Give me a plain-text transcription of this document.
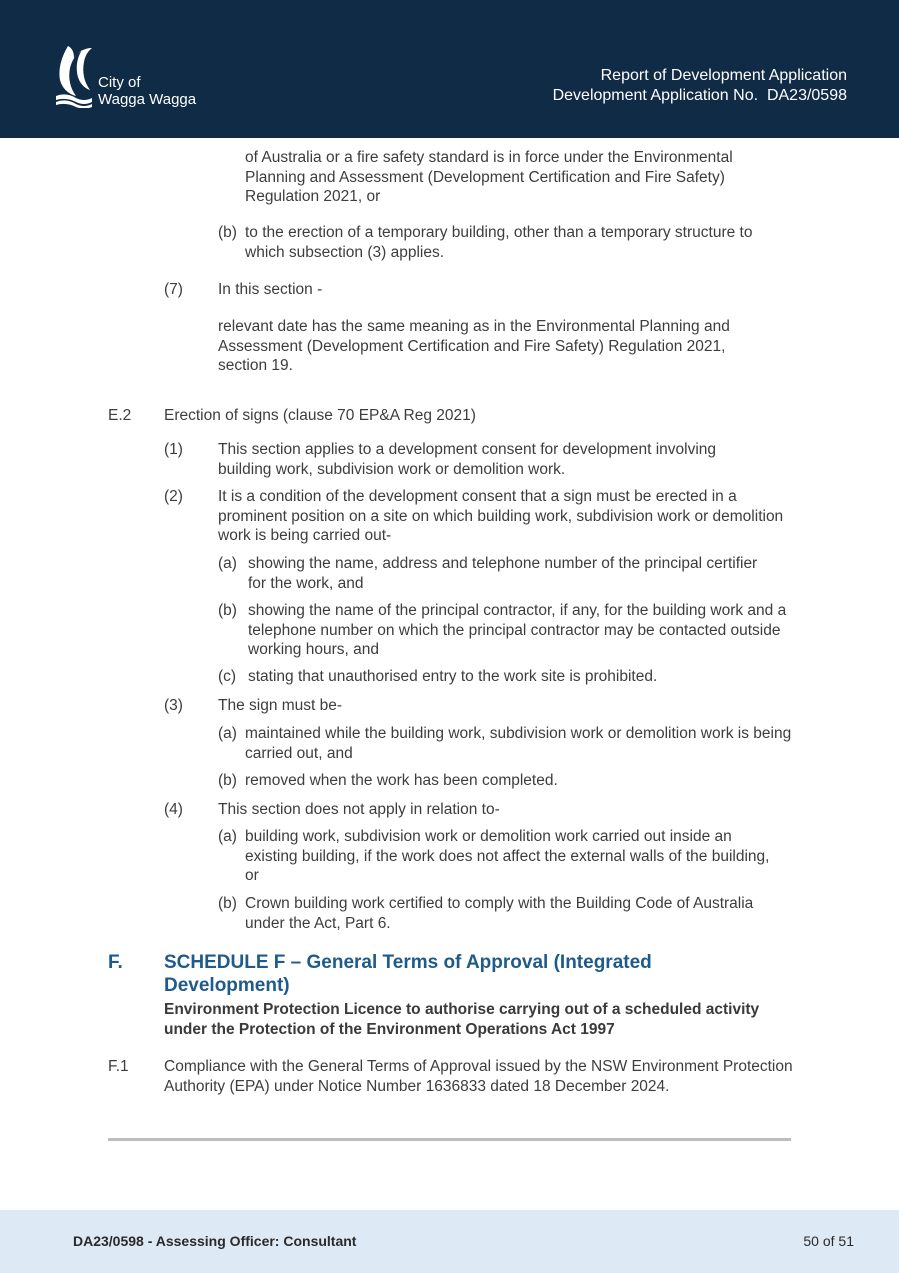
City of
Wagga Wagga
Report of Development Application
Development Application No.  DA23/0598
of Australia or a fire safety standard is in force under the Environmental Planning and Assessment (Development Certification and Fire Safety) Regulation 2021, or
(b) to the erection of a temporary building, other than a temporary structure to which subsection (3) applies.
(7) In this section -
relevant date has the same meaning as in the Environmental Planning and Assessment (Development Certification and Fire Safety) Regulation 2021, section 19.
E.2 Erection of signs (clause 70 EP&A Reg 2021)
(1) This section applies to a development consent for development involving building work, subdivision work or demolition work.
(2) It is a condition of the development consent that a sign must be erected in a prominent position on a site on which building work, subdivision work or demolition work is being carried out-
(a) showing the name, address and telephone number of the principal certifier for the work, and
(b) showing the name of the principal contractor, if any, for the building work and a telephone number on which the principal contractor may be contacted outside working hours, and
(c) stating that unauthorised entry to the work site is prohibited.
(3) The sign must be-
(a) maintained while the building work, subdivision work or demolition work is being carried out, and
(b) removed when the work has been completed.
(4) This section does not apply in relation to-
(a) building work, subdivision work or demolition work carried out inside an existing building, if the work does not affect the external walls of the building, or
(b) Crown building work certified to comply with the Building Code of Australia under the Act, Part 6.
F. SCHEDULE F – General Terms of Approval (Integrated Development)
Environment Protection Licence to authorise carrying out of a scheduled activity under the Protection of the Environment Operations Act 1997
F.1 Compliance with the General Terms of Approval issued by the NSW Environment Protection Authority (EPA) under Notice Number 1636833 dated 18 December 2024.
DA23/0598 - Assessing Officer: Consultant	50 of 51
